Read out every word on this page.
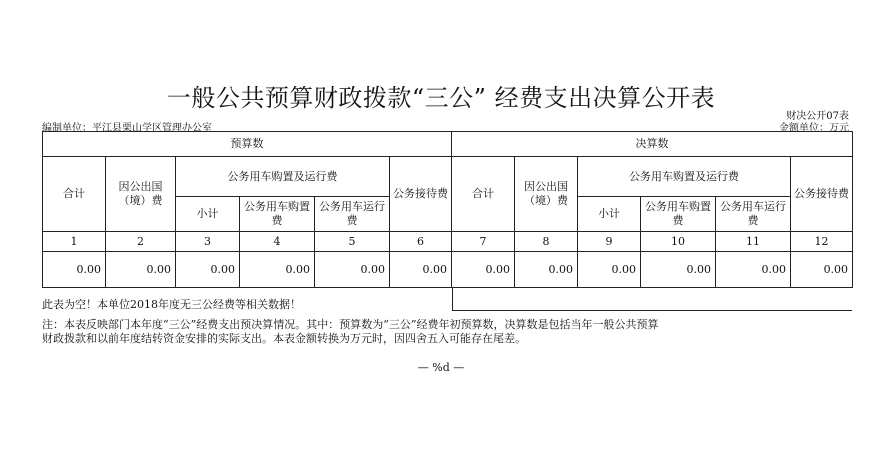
一般公共预算财政拨款“三公” 经费支出决算公开表
财决公开07表
编制单位：平江县栗山学区管理办公室	金额单位：万元
预算数						决算数					
合计	因公出国（境）费	公务用车购置及运行费			公务接待费	合计	因公出国（境）费	公务用车购置及运行费			公务接待费
		小计	公务用车购置费	公务用车运行费				小计	公务用车购置费	公务用车运行费	
1	2	3	4	5	6	7	8	9	10	11	12
0.00	0.00	0.00	0.00	0.00	0.00	0.00	0.00	0.00	0.00	0.00	0.00
此表为空！本单位2018年度无三公经费等相关数据！
注：本表反映部门本年度“三公”经费支出预决算情况。其中：预算数为“三公”经费年初预算数，决算数是包括当年一般公共预算
财政拨款和以前年度结转资金安排的实际支出。本表金额转换为万元时，因四舍五入可能存在尾差。
— %d —
